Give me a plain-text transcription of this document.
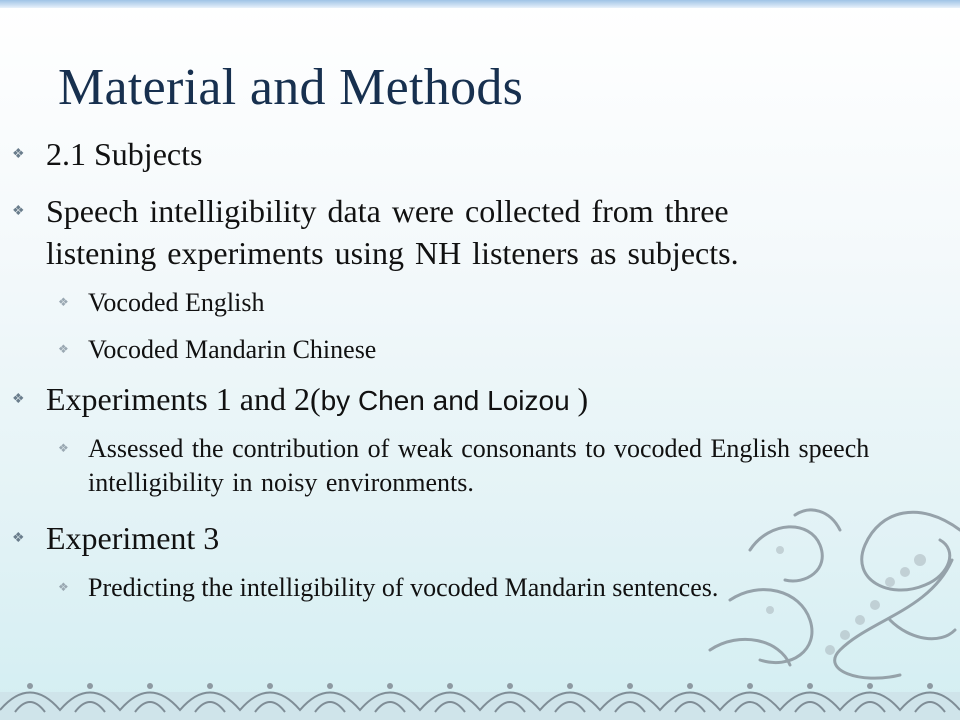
Material and Methods
❖ 2.1 Subjects
❖ Speech intelligibility data were collected from three listening experiments using NH listeners as subjects.
❖ Vocoded English
❖ Vocoded Mandarin Chinese
❖ Experiments 1 and 2(by Chen and Loizou )
❖ Assessed the contribution of weak consonants to vocoded English speech intelligibility in noisy environments.
❖ Experiment 3
❖ Predicting the intelligibility of vocoded Mandarin sentences.
